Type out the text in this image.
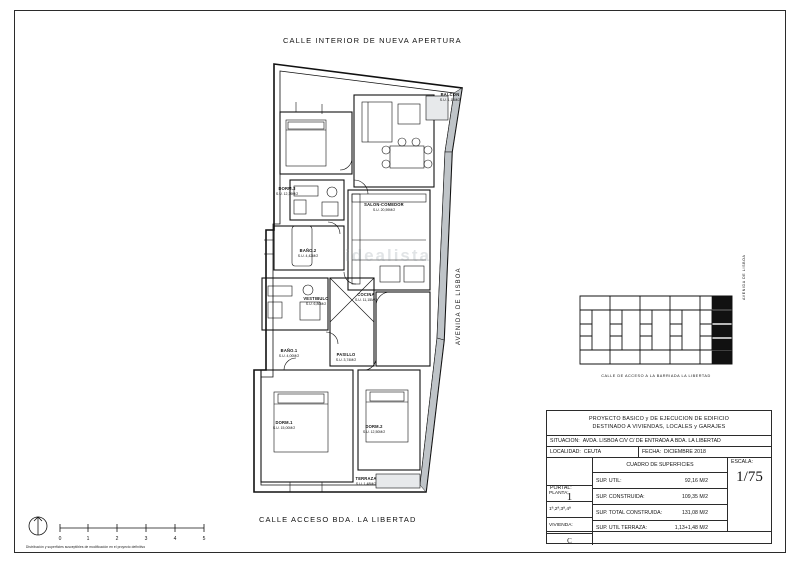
CALLE INTERIOR DE NUEVA APERTURA
CALLE ACCESO BDA. LA LIBERTAD
AVENIDA DE LISBOA
DORM.3
S.U. 12,39M/2
SALON-COMEDOR
S.U. 20,59M/2
BAÑO.2
S.U. 4,42M/2
VESTIBULO
S.U. 6,80M/2
COCINA
S.U. 11,15M/2
BAÑO.1
S.U. 4,00M/2	PASILLO
S.U. 3,74M/2
DORM.1
S.U. 15,00M/2	DORM.2
S.U. 12,50M/2
TERRAZA
S.U. 1,48M/2
BALCON
S.U. 1,13M/2
idealista
CALLE DE ACCESO A LA BARRIADA LA LIBERTAD
AVENIDA DE LISBOA
PROYECTO BASICO y DE EJECUCION DE EDIFICIO
DESTINADO A VIVIENDAS, LOCALES y GARAJES
SITUACION: AVDA. LISBOA C/V C/ DE ENTRADA A BDA. LA LIBERTAD
LOCALIDAD: CEUTA	FECHA: DICIEMBRE 2018
PORTAL:
1
CUADRO DE SUPERFICIES
SUP. UTIL:	92,16 M/2
SUP. CONSTRUIDA:	109,35 M/2
SUP. TOTAL CONSTRUIDA:	131,08 M/2
SUP. UTIL TERRAZA:	1,13+1,48 M/2
ESCALA:
1/75
PLANTA:
1ª,2ª,3ª,4ª
VIVIENDA:
C
0	1	2	3	4	5
Distribución y superficies susceptibles de modificación en el proyecto definitivo
